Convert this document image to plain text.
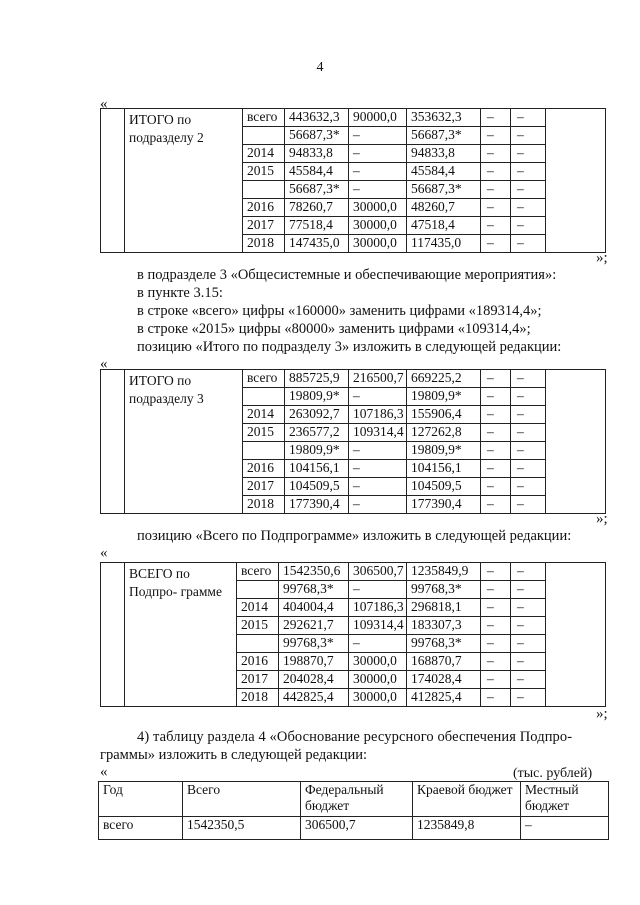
4
«
	ИТОГО по подразделу 2	всего	443632,3	90000,0	353632,3	–	–	
			56687,3*	–	56687,3*	–	–	
		2014	94833,8	–	94833,8	–	–	
		2015	45584,4	–	45584,4	–	–	
			56687,3*	–	56687,3*	–	–	
		2016	78260,7	30000,0	48260,7	–	–	
		2017	77518,4	30000,0	47518,4	–	–	
		2018	147435,0	30000,0	117435,0	–	–	
»;
в подразделе 3 «Общесистемные и обеспечивающие мероприятия»:
в пункте 3.15:
в строке «всего» цифры «160000» заменить цифрами «189314,4»;
в строке «2015» цифры «80000» заменить цифрами «109314,4»;
позицию «Итого по подразделу 3» изложить в следующей редакции:
«
	ИТОГО по подразделу 3	всего	885725,9	216500,7	669225,2	–	–	
			19809,9*	–	19809,9*	–	–	
		2014	263092,7	107186,3	155906,4	–	–	
		2015	236577,2	109314,4	127262,8	–	–	
			19809,9*	–	19809,9*	–	–	
		2016	104156,1	–	104156,1	–	–	
		2017	104509,5	–	104509,5	–	–	
		2018	177390,4	–	177390,4	–	–	
»;
позицию «Всего по Подпрограмме» изложить в следующей редакции:
«
	ВСЕГО по Подпро- грамме	всего	1542350,6	306500,7	1235849,9	–	–	
			99768,3*	–	99768,3*	–	–	
		2014	404004,4	107186,3	296818,1	–	–	
		2015	292621,7	109314,4	183307,3	–	–	
			99768,3*	–	99768,3*	–	–	
		2016	198870,7	30000,0	168870,7	–	–	
		2017	204028,4	30000,0	174028,4	–	–	
		2018	442825,4	30000,0	412825,4	–	–	
»;
4) таблицу раздела 4 «Обоснование ресурсного обеспечения Подпро-
граммы» изложить в следующей редакции:
«	(тыс. рублей)
Год	Всего	Федеральный бюджет	Краевой бюджет	Местный бюджет
всего	1542350,5	306500,7	1235849,8	–
